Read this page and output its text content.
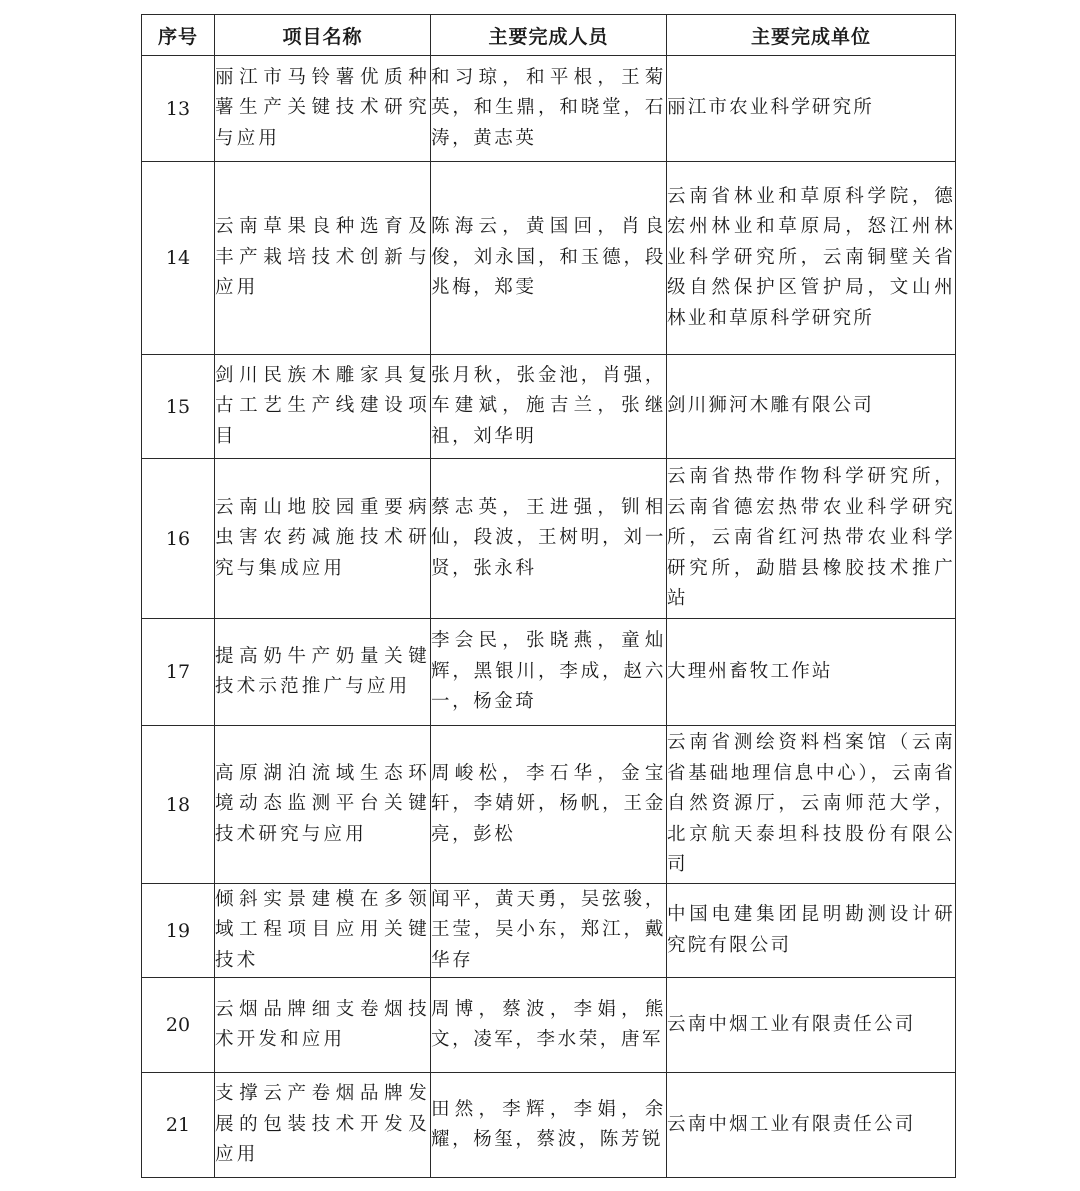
序号	项目名称	主要完成人员	主要完成单位
13	丽江市马铃薯优质种薯生产关键技术研究与应用	和习琼，和平根，王菊英，和生鼎，和晓堂，石涛，黄志英	丽江市农业科学研究所
14	云南草果良种选育及丰产栽培技术创新与应用	陈海云，黄国回，肖良俊，刘永国，和玉德，段兆梅，郑雯	云南省林业和草原科学院，德宏州林业和草原局，怒江州林业科学研究所，云南铜壁关省级自然保护区管护局，文山州林业和草原科学研究所
15	剑川民族木雕家具复古工艺生产线建设项目	张月秋，张金池，肖强，车建斌，施吉兰，张继祖，刘华明	剑川狮河木雕有限公司
16	云南山地胶园重要病虫害农药减施技术研究与集成应用	蔡志英，王进强，钏相仙，段波，王树明，刘一贤，张永科	云南省热带作物科学研究所，云南省德宏热带农业科学研究所，云南省红河热带农业科学研究所，勐腊县橡胶技术推广站
17	提高奶牛产奶量关键技术示范推广与应用	李会民，张晓燕，童灿辉，黑银川，李成，赵六一，杨金琦	大理州畜牧工作站
18	高原湖泊流域生态环境动态监测平台关键技术研究与应用	周峻松，李石华，金宝轩，李婧妍，杨帆，王金亮，彭松	云南省测绘资料档案馆（云南省基础地理信息中心），云南省自然资源厅，云南师范大学，北京航天泰坦科技股份有限公司
19	倾斜实景建模在多领域工程项目应用关键技术	闻平，黄天勇，吴弦骏，王莹，吴小东，郑江，戴华存	中国电建集团昆明勘测设计研究院有限公司
20	云烟品牌细支卷烟技术开发和应用	周博，蔡波，李娟，熊文，凌军，李水荣，唐军	云南中烟工业有限责任公司
21	支撑云产卷烟品牌发展的包装技术开发及应用	田然，李辉，李娟，余耀，杨玺，蔡波，陈芳锐	云南中烟工业有限责任公司
